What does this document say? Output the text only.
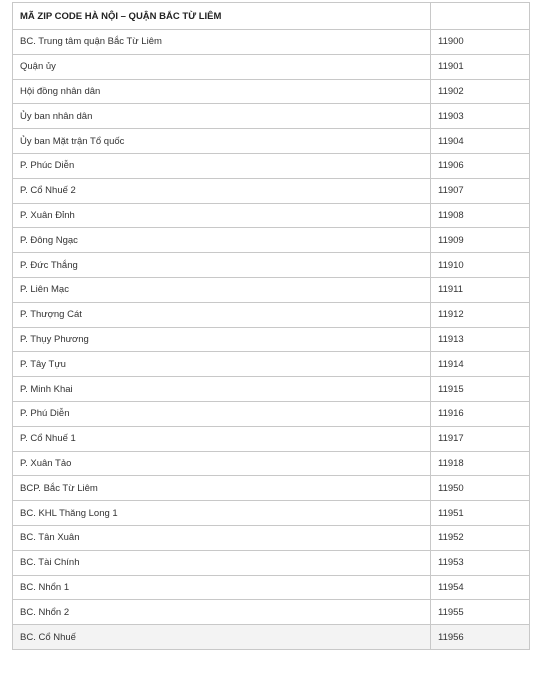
MÃ ZIP CODE HÀ NỘI – QUẬN BẮC TỪ LIÊM	
BC. Trung tâm quận Bắc Từ Liêm	11900
Quận ủy	11901
Hội đồng nhân dân	11902
Ủy ban nhân dân	11903
Ủy ban Mặt trận Tổ quốc	11904
P. Phúc Diễn	11906
P. Cổ Nhuế 2	11907
P. Xuân Đỉnh	11908
P. Đông Ngạc	11909
P. Đức Thắng	11910
P. Liên Mạc	11911
P. Thượng Cát	11912
P. Thụy Phương	11913
P. Tây Tựu	11914
P. Minh Khai	11915
P. Phú Diễn	11916
P. Cổ Nhuế 1	11917
P. Xuân Tảo	11918
BCP. Bắc Từ Liêm	11950
BC. KHL Thăng Long 1	11951
BC. Tân Xuân	11952
BC. Tài Chính	11953
BC. Nhổn 1	11954
BC. Nhổn 2	11955
BC. Cổ Nhuế	11956
